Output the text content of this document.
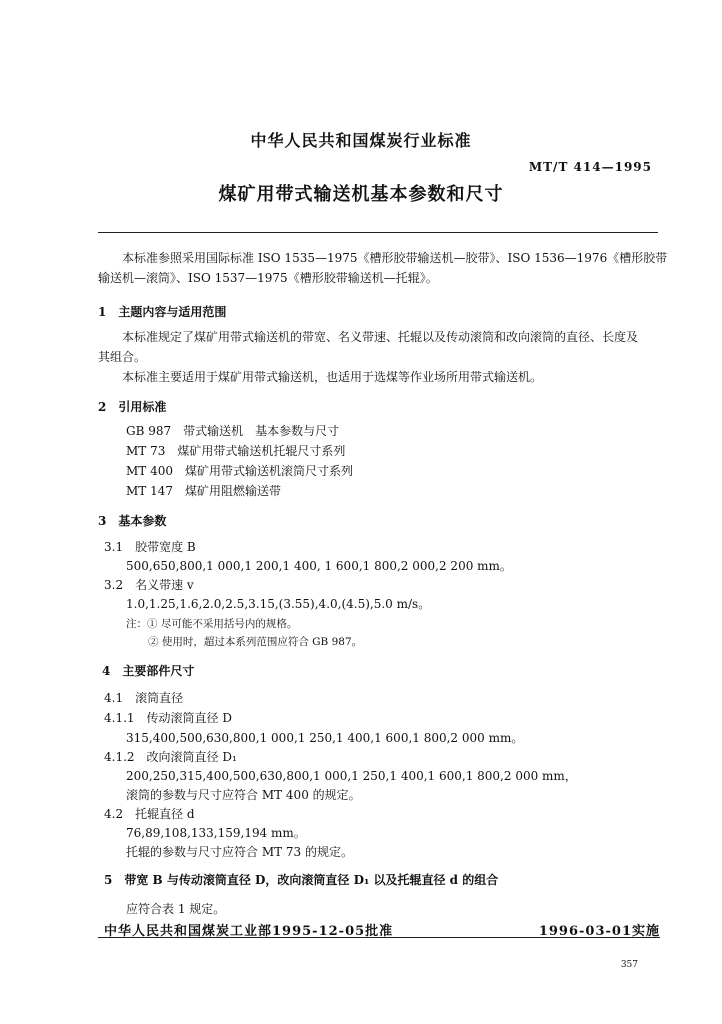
中华人民共和国煤炭行业标准
MT/T 414—1995
煤矿用带式输送机基本参数和尺寸
本标准参照采用国际标准 ISO 1535—1975《槽形胶带输送机—胶带》、ISO 1536—1976《槽形胶带
输送机—滚筒》、ISO 1537—1975《槽形胶带输送机—托辊》。
1　主题内容与适用范围
本标准规定了煤矿用带式输送机的带宽、名义带速、托辊以及传动滚筒和改向滚筒的直径、长度及
其组合。
本标准主要适用于煤矿用带式输送机，也适用于选煤等作业场所用带式输送机。
2　引用标准
GB 987　带式输送机　基本参数与尺寸
MT 73　煤矿用带式输送机托辊尺寸系列
MT 400　煤矿用带式输送机滚筒尺寸系列
MT 147　煤矿用阻燃输送带
3　基本参数
3.1　胶带宽度 B
500,650,800,1 000,1 200,1 400, 1 600,1 800,2 000,2 200 mm。
3.2　名义带速 v
1.0,1.25,1.6,2.0,2.5,3.15,(3.55),4.0,(4.5),5.0 m/s。
注：① 尽可能不采用括号内的规格。
② 使用时，超过本系列范围应符合 GB 987。
4　主要部件尺寸
4.1　滚筒直径
4.1.1　传动滚筒直径 D
315,400,500,630,800,1 000,1 250,1 400,1 600,1 800,2 000 mm。
4.1.2　改向滚筒直径 D₁
200,250,315,400,500,630,800,1 000,1 250,1 400,1 600,1 800,2 000 mm，
滚筒的参数与尺寸应符合 MT 400 的规定。
4.2　托辊直径 d
76,89,108,133,159,194 mm。
托辊的参数与尺寸应符合 MT 73 的规定。
5　带宽 B 与传动滚筒直径 D，改向滚筒直径 D₁ 以及托辊直径 d 的组合
应符合表 1 规定。
中华人民共和国煤炭工业部1995-12-05批准	1996-03-01实施
357
